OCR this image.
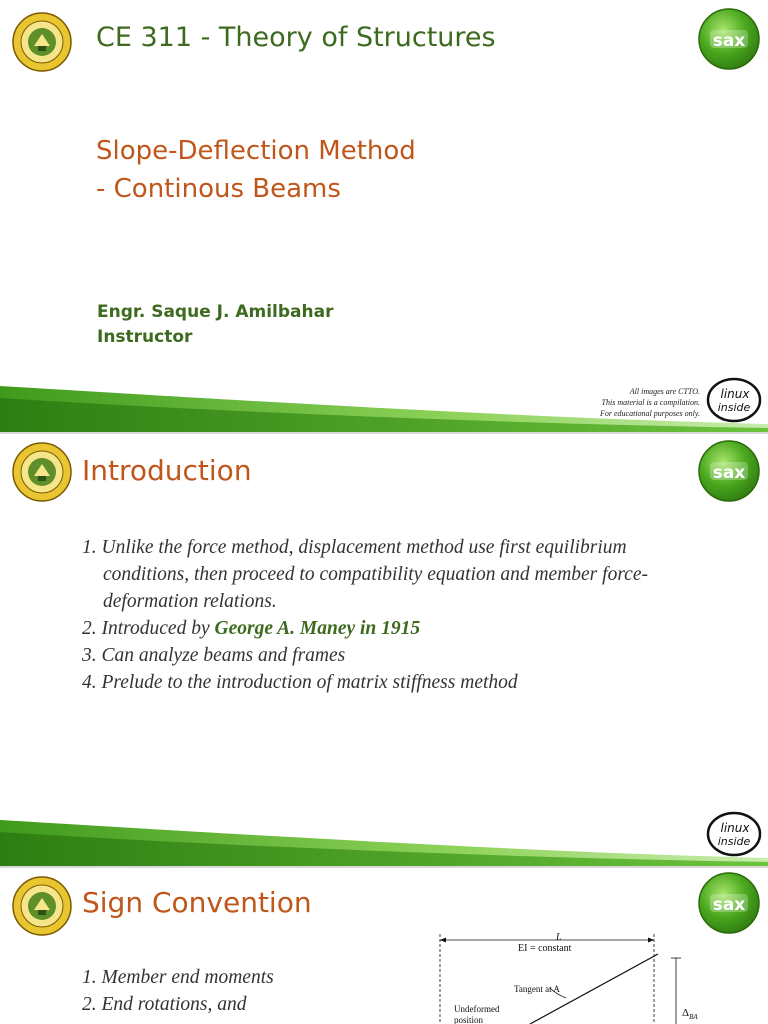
CE 311 - Theory of Structures	sax
Slope-Deflection Method
- Continous Beams
Engr. Saque J. Amilbahar
Instructor
All images are CTTO.
This material is a compilation.
For educational purposes only.
linux
inside
Introduction	sax
1. Unlike the force method, displacement method use first equilibrium conditions, then proceed to compatibility equation and member force-deformation relations.
2. Introduced by George A. Maney in 1915
3. Can analyze beams and frames
4. Prelude to the introduction of matrix stiffness method
linux
inside
Sign Convention	sax
1. Member end moments
2. End rotations, and
L
EI = constant
Tangent at A
Undeformed
position
$\Delta_{BA}$
